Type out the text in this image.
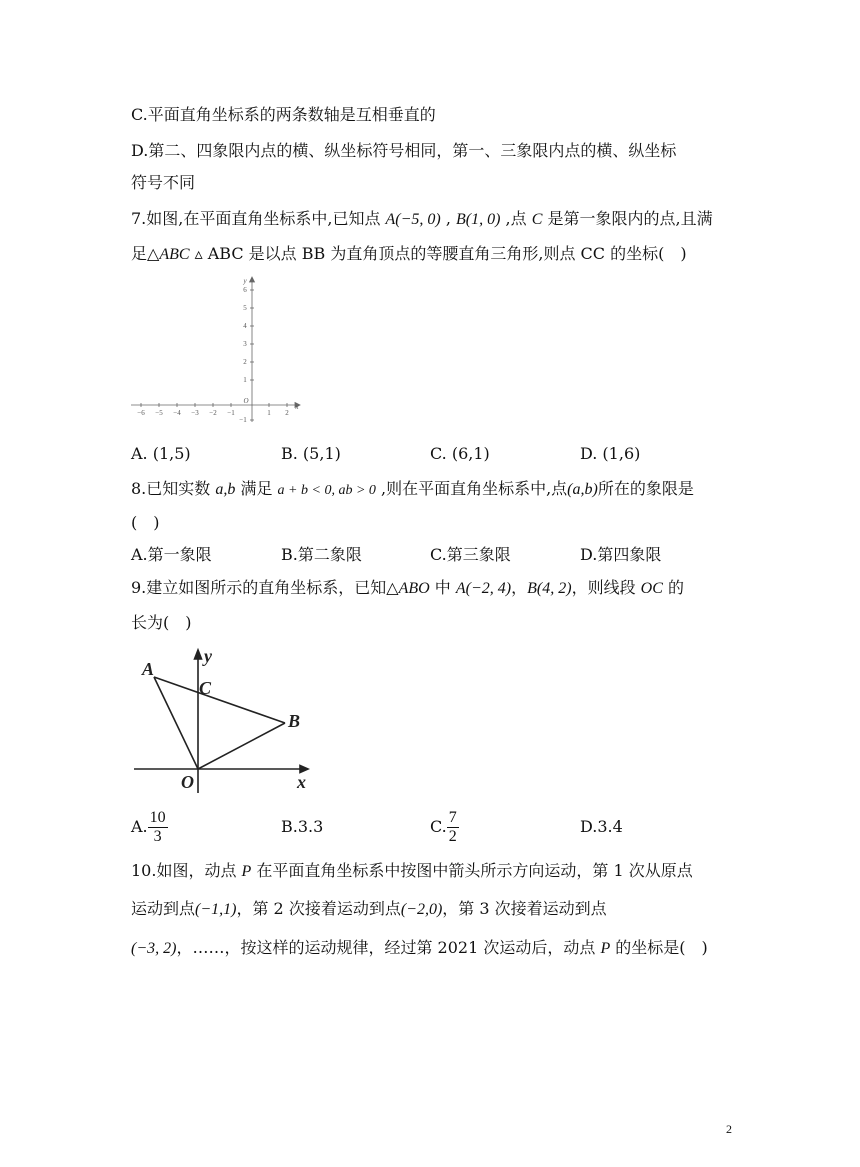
C.平面直角坐标系的两条数轴是互相垂直的
D.第二、四象限内点的横、纵坐标符号相同，第一、三象限内点的横、纵坐标
符号不同
7.如图,在平面直角坐标系中,已知点 A(−5, 0) , B(1, 0) ,点 C 是第一象限内的点,且满
足△ABC ▵ ABC 是以点 BB 为直角顶点的等腰直角三角形,则点 CC 的坐标(　)
−6 −5 −4 −3 −2 −1	1 2
6
5
4
3
2
1
−1
O
x
y
A. (1,5)	B. (5,1)	C. (6,1)	D. (1,6)
8.已知实数 a,b 满足 a + b < 0, ab > 0 ,则在平面直角坐标系中,点(a,b)所在的象限是
(　)
A.第一象限	B.第二象限	C.第三象限	D.第四象限
9.建立如图所示的直角坐标系，已知△ABO 中 A(−2, 4)，B(4, 2)，则线段 OC 的
长为(　)
A
C
B
O	x
y
A. $\frac{10}{3}$	B.3.3	C. $\frac{7}{2}$	D.3.4
10.如图，动点 P 在平面直角坐标系中按图中箭头所示方向运动，第 1 次从原点
运动到点(−1,1)，第 2 次接着运动到点(−2,0)，第 3 次接着运动到点
(−3, 2)，……，按这样的运动规律，经过第 2021 次运动后，动点 P 的坐标是(　)
2
